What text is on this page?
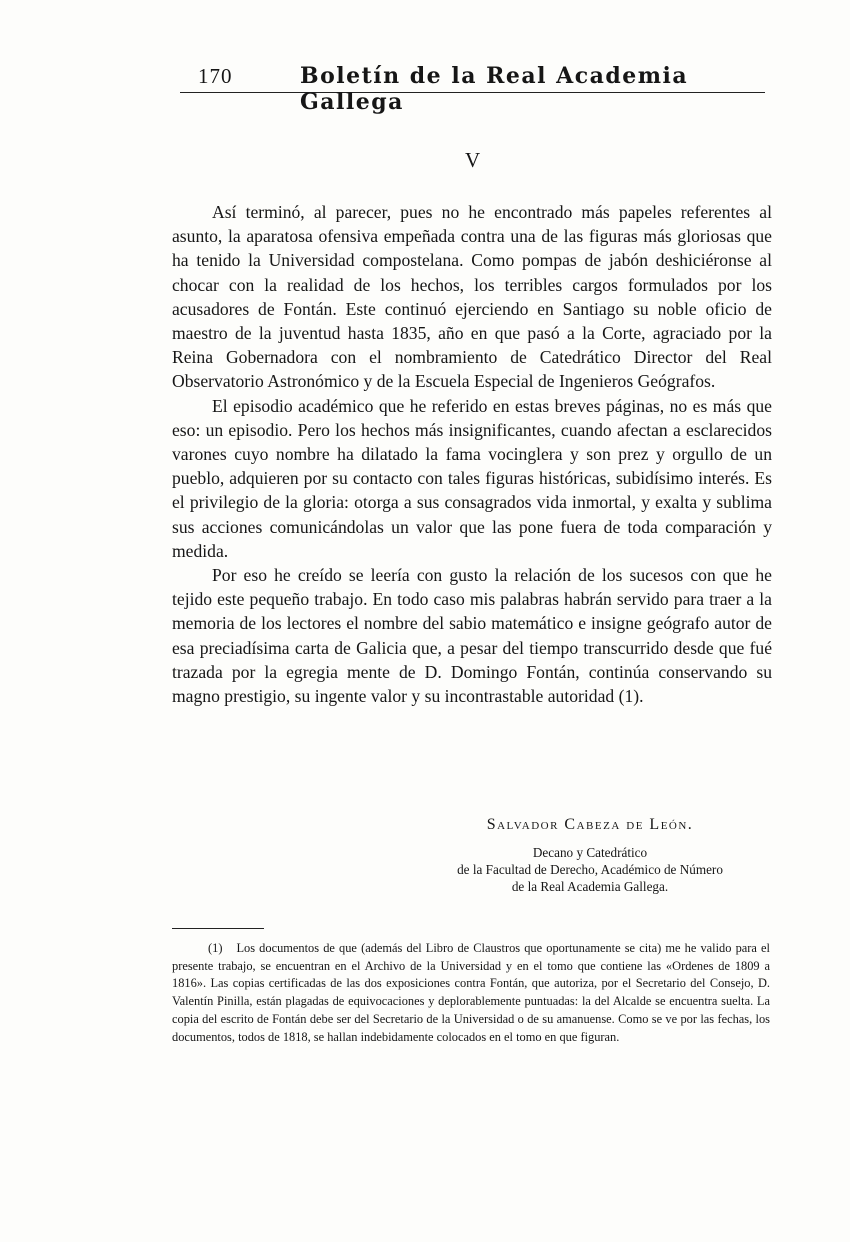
170	Boletín de la Real Academia Gallega
V

Así terminó, al parecer, pues no he encontrado más papeles referentes al asunto, la aparatosa ofensiva empeñada contra una de las figuras más gloriosas que ha tenido la Universidad compostelana. Como pompas de jabón deshiciéronse al chocar con la realidad de los hechos, los terribles cargos formulados por los acusadores de Fontán. Este continuó ejerciendo en Santiago su noble oficio de maestro de la juventud hasta 1835, año en que pasó a la Corte, agraciado por la Reina Gobernadora con el nombramiento de Catedrático Director del Real Observatorio Astronómico y de la Escuela Especial de Ingenieros Geógrafos.

El episodio académico que he referido en estas breves páginas, no es más que eso: un episodio. Pero los hechos más insignificantes, cuando afectan a esclarecidos varones cuyo nombre ha dilatado la fama vocinglera y son prez y orgullo de un pueblo, adquieren por su contacto con tales figuras históricas, subidísimo interés. Es el privilegio de la gloria: otorga a sus consagrados vida inmortal, y exalta y sublima sus acciones comunicándolas un valor que las pone fuera de toda comparación y medida.

Por eso he creído se leería con gusto la relación de los sucesos con que he tejido este pequeño trabajo. En todo caso mis palabras habrán servido para traer a la memoria de los lectores el nombre del sabio matemático e insigne geógrafo autor de esa preciadísima carta de Galicia que, a pesar del tiempo transcurrido desde que fué trazada por la egregia mente de D. Domingo Fontán, continúa conservando su magno prestigio, su ingente valor y su incontrastable autoridad (1).

Salvador Cabeza de León.
Decano y Catedrático
de la Facultad de Derecho, Académico de Número
de la Real Academia Gallega.

(1) Los documentos de que (además del Libro de Claustros que oportunamente se cita) me he valido para el presente trabajo, se encuentran en el Archivo de la Universidad y en el tomo que contiene las «Ordenes de 1809 a 1816». Las copias certificadas de las dos exposiciones contra Fontán, que autoriza, por el Secretario del Consejo, D. Valentín Pinilla, están plagadas de equivocaciones y deplorablemente puntuadas: la del Alcalde se encuentra suelta. La copia del escrito de Fontán debe ser del Secretario de la Universidad o de su amanuense. Como se ve por las fechas, los documentos, todos de 1818, se hallan indebidamente colocados en el tomo en que figuran.
